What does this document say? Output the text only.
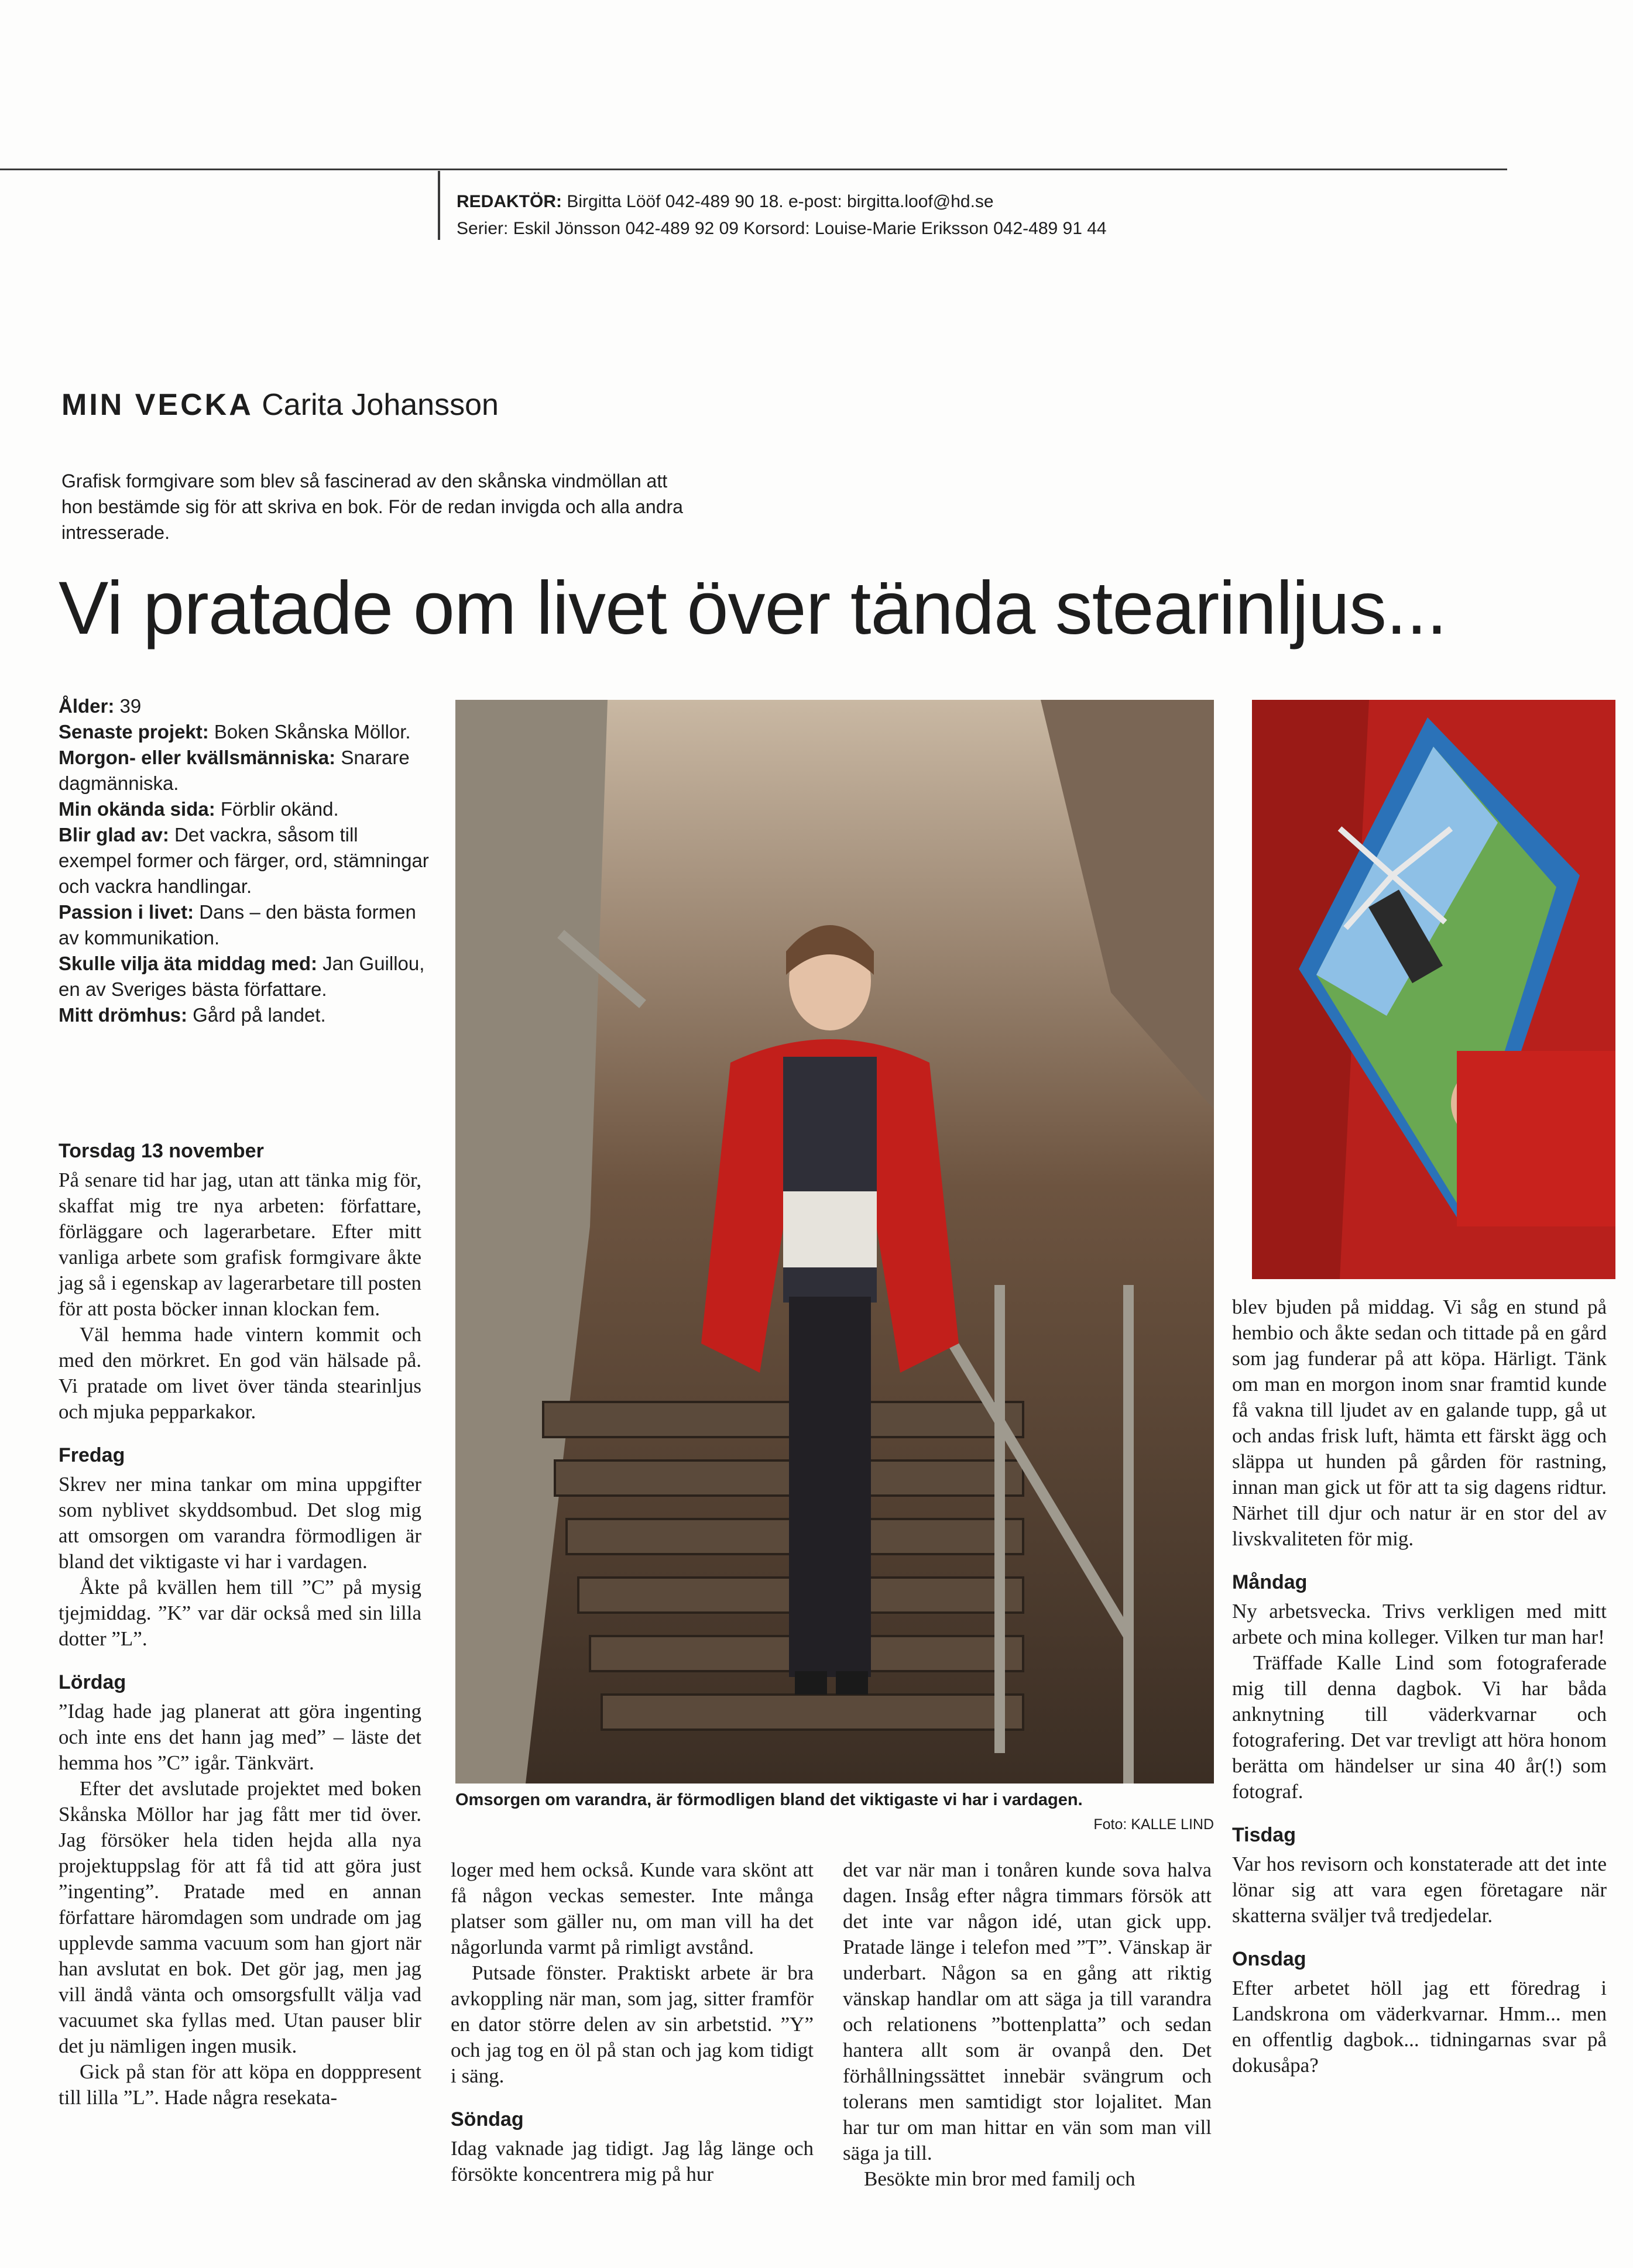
REDAKTÖR: Birgitta Lööf 042-489 90 18. e-post: birgitta.loof@hd.se
Serier: Eskil Jönsson 042-489 92 09 Korsord: Louise-Marie Eriksson 042-489 91 44
MIN VECKA Carita Johansson
Grafisk formgivare som blev så fascinerad av den skånska vindmöllan att hon bestämde sig för att skriva en bok. För de redan invigda och alla andra intresserade.
Vi pratade om livet över tända stearinljus...
Ålder: 39
Senaste projekt: Boken Skånska Möllor.
Morgon- eller kvällsmänniska: Snarare dagmänniska.
Min okända sida: Förblir okänd.
Blir glad av: Det vackra, såsom till exempel former och färger, ord, stämningar och vackra handlingar.
Passion i livet: Dans – den bästa formen av kommunikation.
Skulle vilja äta middag med: Jan Guillou, en av Sveriges bästa författare.
Mitt drömhus: Gård på landet.
Omsorgen om varandra, är förmodligen bland det viktigaste vi har i vardagen.
Foto: KALLE LIND
Torsdag 13 november

På senare tid har jag, utan att tänka mig för, skaffat mig tre nya arbeten: författare, förläggare och lagerarbetare. Efter mitt vanliga arbete som grafisk formgivare åkte jag så i egenskap av lagerarbetare till posten för att posta böcker innan klockan fem.

Väl hemma hade vintern kommit och med den mörkret. En god vän hälsade på. Vi pratade om livet över tända stearinljus och mjuka pepparkakor.

Fredag

Skrev ner mina tankar om mina uppgifter som nyblivet skyddsombud. Det slog mig att omsorgen om varandra förmodligen är bland det viktigaste vi har i vardagen.

Åkte på kvällen hem till ”C” på mysig tjejmiddag. ”K” var där också med sin lilla dotter ”L”.

Lördag

”Idag hade jag planerat att göra ingenting och inte ens det hann jag med” – läste det hemma hos ”C” igår. Tänkvärt.

Efter det avslutade projektet med boken Skånska Möllor har jag fått mer tid över. Jag försöker hela tiden hejda alla nya projektuppslag för att få tid att göra just ”ingenting”. Pratade med en annan författare häromdagen som undrade om jag upplevde samma vacuum som han gjort när han avslutat en bok. Det gör jag, men jag vill ändå vänta och omsorgsfullt välja vad vacuumet ska fyllas med. Utan pauser blir det ju nämligen ingen musik.

Gick på stan för att köpa en dopppresent till lilla ”L”. Hade några resekata-

loger med hem också. Kunde vara skönt att få någon veckas semester. Inte många platser som gäller nu, om man vill ha det någorlunda varmt på rimligt avstånd.

Putsade fönster. Praktiskt arbete är bra avkoppling när man, som jag, sitter framför en dator större delen av sin arbetstid. ”Y” och jag tog en öl på stan och jag kom tidigt i säng.

Söndag

Idag vaknade jag tidigt. Jag låg länge och försökte koncentrera mig på hur

det var när man i tonåren kunde sova halva dagen. Insåg efter några timmars försök att det inte var någon idé, utan gick upp. Pratade länge i telefon med ”T”. Vänskap är underbart. Någon sa en gång att riktig vänskap handlar om att säga ja till varandra och relationens ”bottenplatta” och sedan hantera allt som är ovanpå den. Det förhållningssättet innebär svängrum och tolerans men samtidigt stor lojalitet. Man har tur om man hittar en vän som man vill säga ja till.

Besökte min bror med familj och

blev bjuden på middag. Vi såg en stund på hembio och åkte sedan och tittade på en gård som jag funderar på att köpa. Härligt. Tänk om man en morgon inom snar framtid kunde få vakna till ljudet av en galande tupp, gå ut och andas frisk luft, hämta ett färskt ägg och släppa ut hunden på gården för rastning, innan man gick ut för att ta sig dagens ridtur. Närhet till djur och natur är en stor del av livskvaliteten för mig.

Måndag

Ny arbetsvecka. Trivs verkligen med mitt arbete och mina kolleger. Vilken tur man har!

Träffade Kalle Lind som fotograferade mig till denna dagbok. Vi har båda anknytning till väderkvarnar och fotografering. Det var trevligt att höra honom berätta om händelser ur sina 40 år(!) som fotograf.

Tisdag

Var hos revisorn och konstaterade att det inte lönar sig att vara egen företagare när skatterna sväljer två tredjedelar.

Onsdag

Efter arbetet höll jag ett föredrag i Landskrona om väderkvarnar. Hmm... men en offentlig dagbok... tidningarnas svar på dokusåpa?
